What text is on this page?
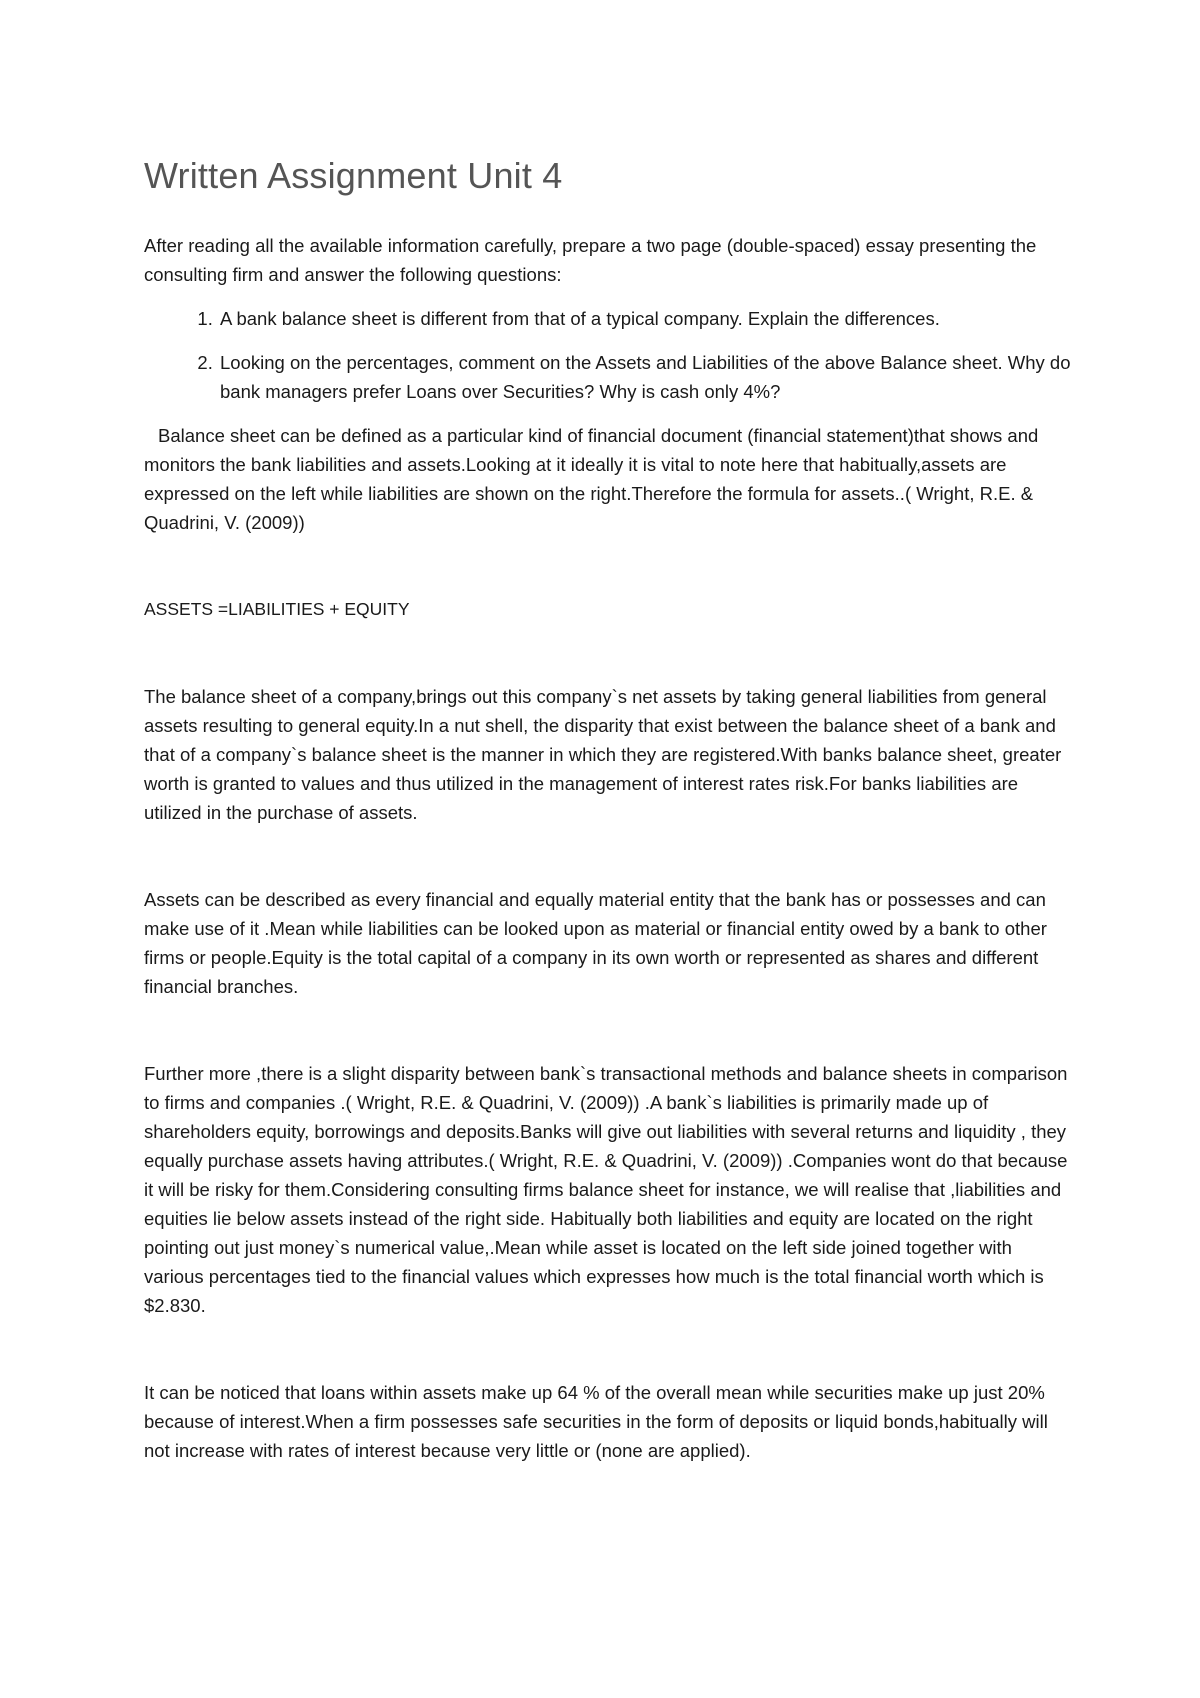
Written Assignment Unit 4

After reading all the available information carefully, prepare a two page (double-spaced) essay presenting the consulting firm and answer the following questions:

1. A bank balance sheet is different from that of a typical company. Explain the differences.
2. Looking on the percentages, comment on the Assets and Liabilities of the above Balance sheet. Why do bank managers prefer Loans over Securities? Why is cash only 4%?

Balance sheet can be defined as a particular kind of financial document (financial statement)that shows and monitors the bank liabilities and assets.Looking at it ideally it is vital to note here that habitually,assets are expressed on the left while liabilities are shown on the right.Therefore the formula for assets..( Wright, R.E. & Quadrini, V. (2009))

ASSETS =LIABILITIES + EQUITY

The balance sheet of a company,brings out this company`s net assets by taking general liabilities from general assets resulting to general equity.In a nut shell, the disparity that exist between the balance sheet of a bank and that of a company`s balance sheet is the manner in which they are registered.With banks balance sheet, greater worth is granted to values and thus utilized in the management of interest rates risk.For banks liabilities are utilized in the purchase of assets.

Assets can be described as every financial and equally material entity that the bank has or possesses and can make use of it .Mean while liabilities can be looked upon as material or financial entity owed by a bank to other firms or people.Equity is the total capital of a company in its own worth or represented as shares and different financial branches.

Further more ,there is a slight disparity between bank`s transactional methods and balance sheets in comparison to firms and companies .( Wright, R.E. & Quadrini, V. (2009)) .A bank`s liabilities is primarily made up of shareholders equity, borrowings and deposits.Banks will give out liabilities with several returns and liquidity , they equally purchase assets having attributes.( Wright, R.E. & Quadrini, V. (2009)) .Companies wont do that because it will be risky for them.Considering consulting firms balance sheet for instance, we will realise that ,liabilities and equities lie below assets instead of the right side. Habitually both liabilities and equity are located on the right pointing out just money`s numerical value,.Mean while asset is located on the left side joined together with various percentages tied to the financial values which expresses how much is the total financial worth which is $2.830.

It can be noticed that loans within assets make up 64 % of the overall mean while securities make up just 20% because of interest.When a firm possesses safe securities in the form of deposits or liquid bonds,habitually will not increase with rates of interest because very little or (none are applied).
